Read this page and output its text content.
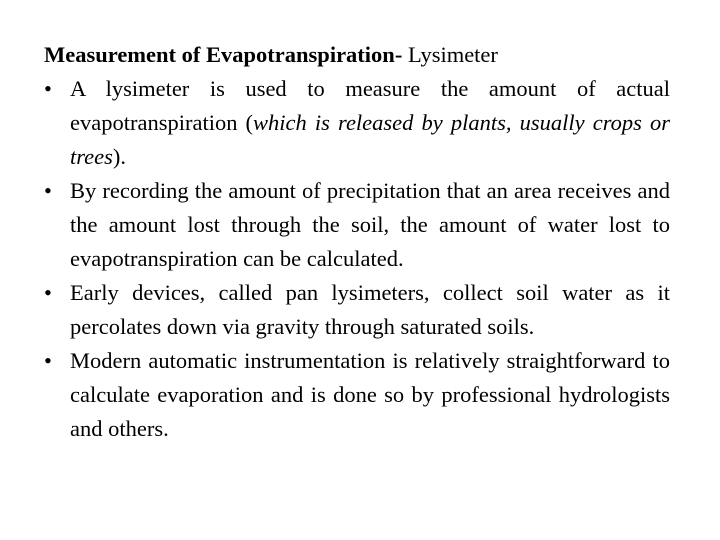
Measurement of Evapotranspiration- Lysimeter

• A lysimeter is used to measure the amount of actual evapotranspiration (which is released by plants, usually crops or trees).
• By recording the amount of precipitation that an area receives and the amount lost through the soil, the amount of water lost to evapotranspiration can be calculated.
• Early devices, called pan lysimeters, collect soil water as it percolates down via gravity through saturated soils.
• Modern automatic instrumentation is relatively straightforward to calculate evaporation and is done so by professional hydrologists and others.
